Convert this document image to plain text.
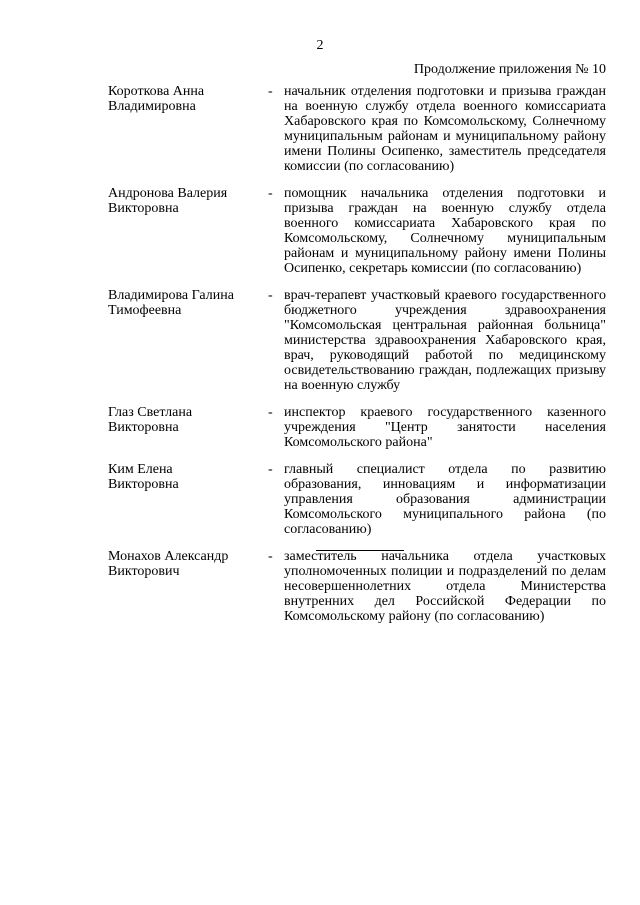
2
Продолжение приложения № 10
Короткова Анна
Владимировна
- начальник отделения подготовки и призыва граждан на военную службу отдела военного комиссариата Хабаровского края по Комсомольскому, Солнечному муниципальным районам и муниципальному району имени Полины Осипенко, заместитель председателя комиссии (по согласованию)
Андронова Валерия
Викторовна
- помощник начальника отделения подготовки и призыва граждан на военную службу отдела военного комиссариата Хабаровского края по Комсомольскому, Солнечному муниципальным районам и муниципальному району имени Полины Осипенко, секретарь комиссии (по согласованию)
Владимирова Галина
Тимофеевна
- врач-терапевт участковый краевого государственного бюджетного учреждения здравоохранения "Комсомольская центральная районная больница" министерства здравоохранения Хабаровского края, врач, руководящий работой по медицинскому освидетельствованию граждан, подлежащих призыву на военную службу
Глаз Светлана
Викторовна
- инспектор краевого государственного казенного учреждения "Центр занятости населения Комсомольского района"
Ким Елена
Викторовна
- главный специалист отдела по развитию образования, инновациям и информатизации управления образования администрации Комсомольского муниципального района (по согласованию)
Монахов Александр
Викторович
- заместитель начальника отдела участковых уполномоченных полиции и подразделений по делам несовершеннолетних отдела Министерства внутренних дел Российской Федерации по Комсомольскому району (по согласованию)
